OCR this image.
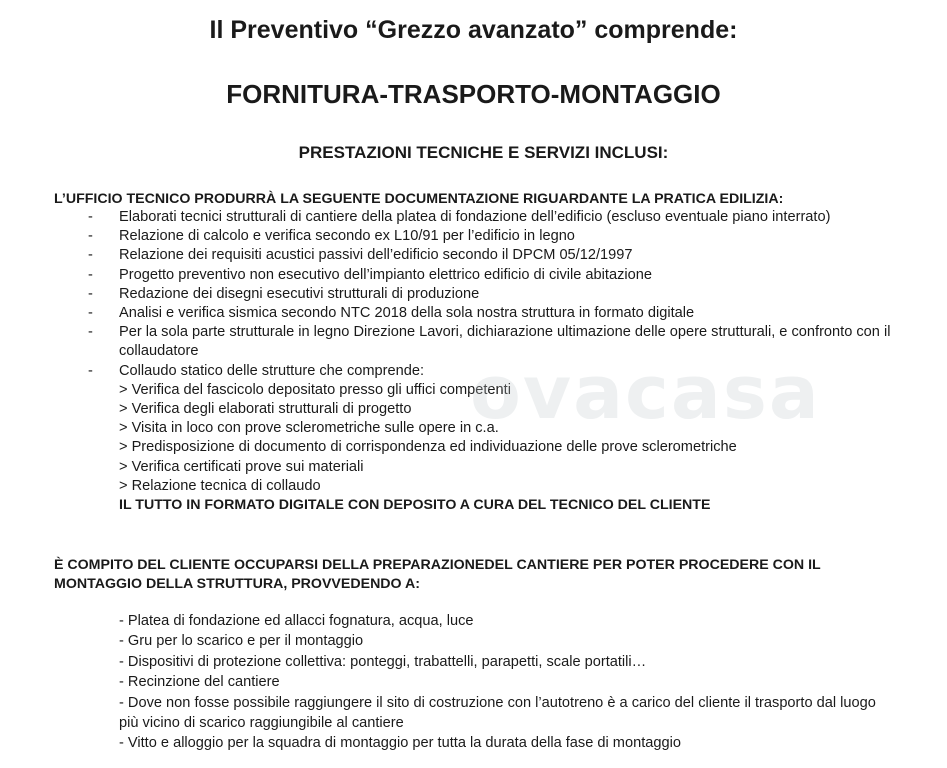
ovacasa
Il Preventivo “Grezzo avanzato” comprende:
FORNITURA-TRASPORTO-MONTAGGIO
PRESTAZIONI TECNICHE E SERVIZI INCLUSI:

L’UFFICIO TECNICO PRODURRÀ LA SEGUENTE DOCUMENTAZIONE RIGUARDANTE LA PRATICA EDILIZIA:

- Elaborati tecnici strutturali di cantiere della platea di fondazione dell’edificio (escluso eventuale piano interrato)
- Relazione di calcolo e verifica secondo ex L10/91 per l’edificio in legno
- Relazione dei requisiti acustici passivi dell’edificio secondo il DPCM 05/12/1997
- Progetto preventivo non esecutivo dell’impianto elettrico edificio di civile abitazione
- Redazione dei disegni esecutivi strutturali di produzione
- Analisi e verifica sismica secondo NTC 2018 della sola nostra struttura in formato digitale
- Per la sola parte strutturale in legno Direzione Lavori, dichiarazione ultimazione delle opere strutturali, e confronto con il collaudatore
- Collaudo statico delle strutture che comprende:
> Verifica del fascicolo depositato presso gli uffici competenti
> Verifica degli elaborati strutturali di progetto
> Visita in loco con prove sclerometriche sulle opere in c.a.
> Predisposizione di documento di corrispondenza ed individuazione delle prove sclerometriche
> Verifica certificati prove sui materiali
> Relazione tecnica di collaudo
IL TUTTO IN FORMATO DIGITALE CON DEPOSITO A CURA DEL TECNICO DEL CLIENTE

È COMPITO DEL CLIENTE OCCUPARSI DELLA PREPARAZIONEDEL CANTIERE PER POTER PROCEDERE CON IL MONTAGGIO DELLA STRUTTURA, PROVVEDENDO A:

- Platea di fondazione ed allacci fognatura, acqua, luce
- Gru per lo scarico e per il montaggio
- Dispositivi di protezione collettiva: ponteggi, trabattelli, parapetti, scale portatili…
- Recinzione del cantiere
- Dove non fosse possibile raggiungere il sito di costruzione con l’autotreno è a carico del cliente il trasporto dal luogo più vicino di scarico raggiungibile al cantiere
- Vitto e alloggio per la squadra di montaggio per tutta la durata della fase di montaggio
